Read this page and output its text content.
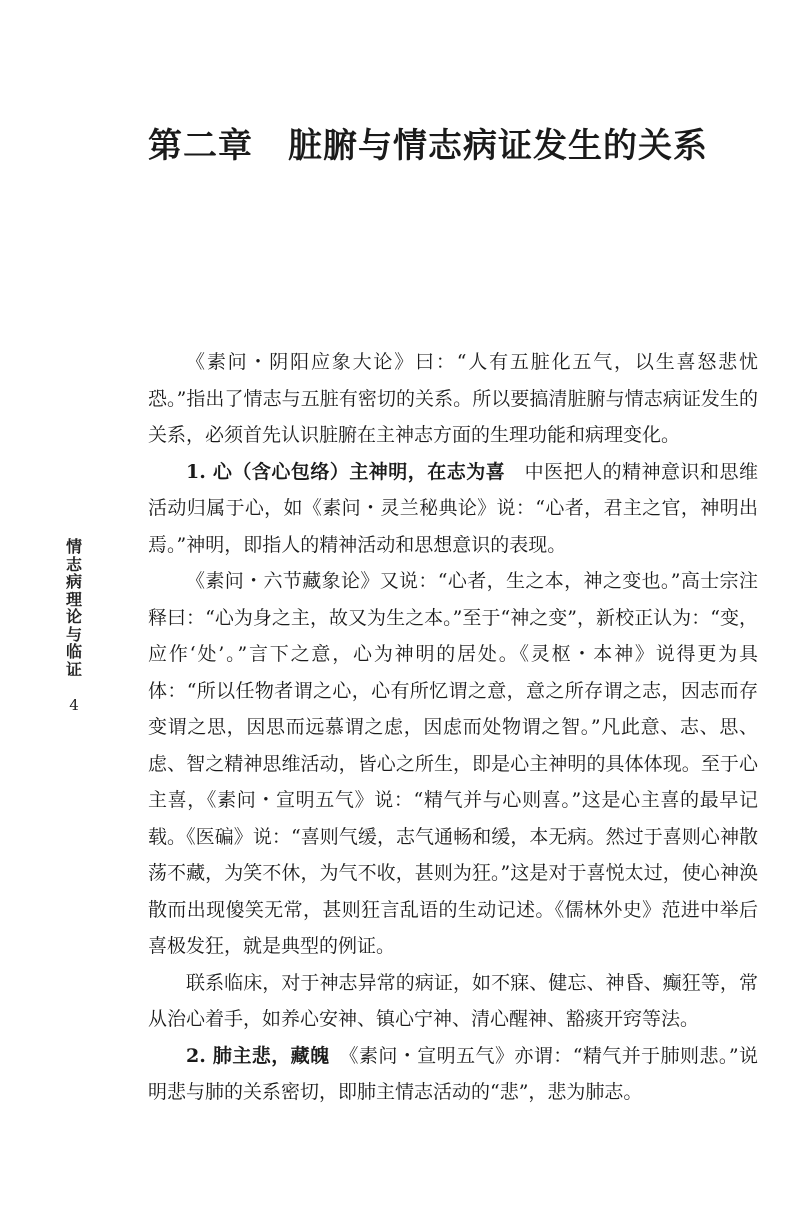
第二章　脏腑与情志病证发生的关系
情
志
病
理
论
与
临
证
4

《素问・阴阳应象大论》曰：“人有五脏化五气，以生喜怒悲忧恐。”指出了情志与五脏有密切的关系。所以要搞清脏腑与情志病证发生的关系，必须首先认识脏腑在主神志方面的生理功能和病理变化。

1. 心（含心包络）主神明，在志为喜　中医把人的精神意识和思维活动归属于心，如《素问・灵兰秘典论》说：“心者，君主之官，神明出焉。”神明，即指人的精神活动和思想意识的表现。

《素问・六节藏象论》又说：“心者，生之本，神之变也。”高士宗注释曰：“心为身之主，故又为生之本。”至于“神之变”，新校正认为：“变，应作‘处’。”言下之意，心为神明的居处。《灵枢・本神》说得更为具体：“所以任物者谓之心，心有所忆谓之意，意之所存谓之志，因志而存变谓之思，因思而远慕谓之虑，因虑而处物谓之智。”凡此意、志、思、虑、智之精神思维活动，皆心之所生，即是心主神明的具体体现。至于心主喜，《素问・宣明五气》说：“精气并与心则喜。”这是心主喜的最早记载。《医碥》说：“喜则气缓，志气通畅和缓，本无病。然过于喜则心神散荡不藏，为笑不休，为气不收，甚则为狂。”这是对于喜悦太过，使心神涣散而出现傻笑无常，甚则狂言乱语的生动记述。《儒林外史》范进中举后喜极发狂，就是典型的例证。

联系临床，对于神志异常的病证，如不寐、健忘、神昏、癫狂等，常从治心着手，如养心安神、镇心宁神、清心醒神、豁痰开窍等法。

2. 肺主悲，藏魄　 《素问・宣明五气》亦谓：“精气并于肺则悲。”说明悲与肺的关系密切，即肺主情志活动的“悲”，悲为肺志。
